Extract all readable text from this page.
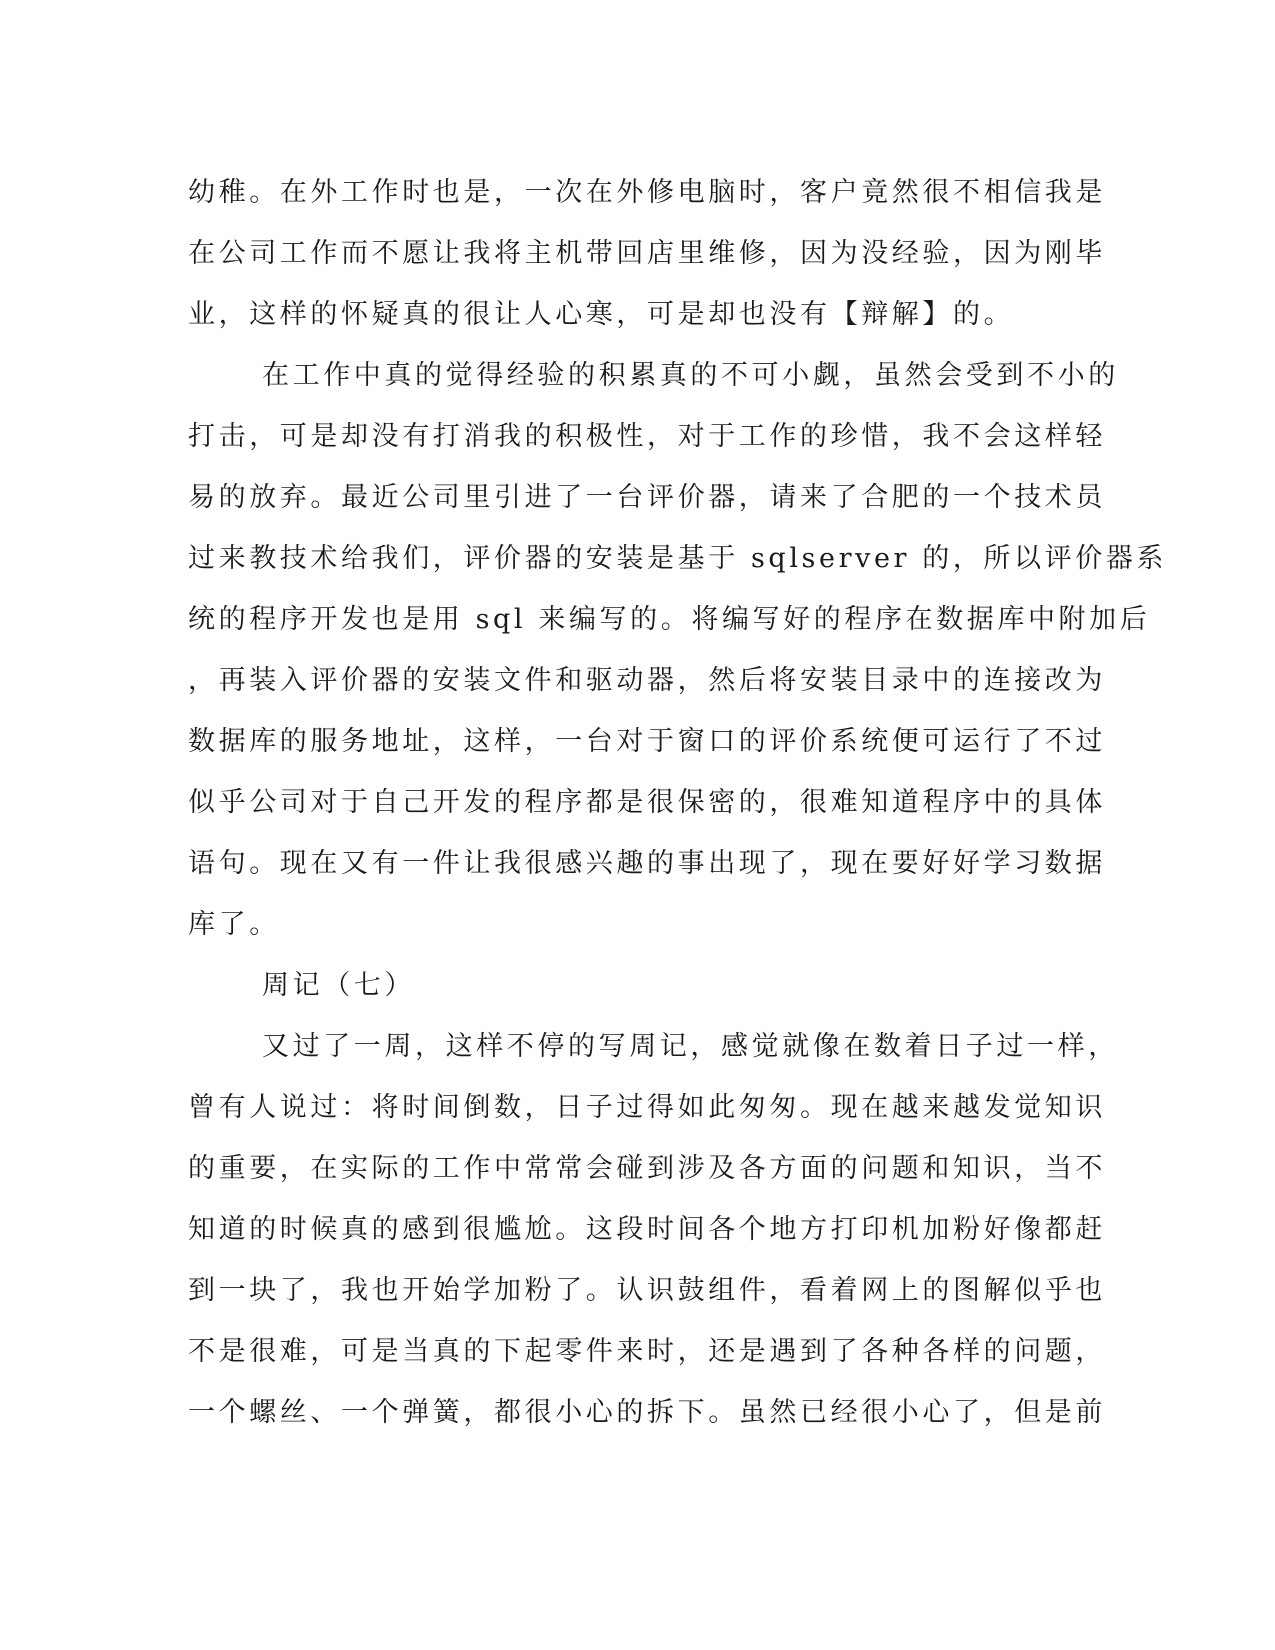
幼稚。在外工作时也是，一次在外修电脑时，客户竟然很不相信我是

在公司工作而不愿让我将主机带回店里维修，因为没经验，因为刚毕

业，这样的怀疑真的很让人心寒，可是却也没有【辩解】的。

在工作中真的觉得经验的积累真的不可小觑，虽然会受到不小的

打击，可是却没有打消我的积极性，对于工作的珍惜，我不会这样轻

易的放弃。最近公司里引进了一台评价器，请来了合肥的一个技术员

过来教技术给我们，评价器的安装是基于 sqlserver 的，所以评价器系

统的程序开发也是用 sql 来编写的。将编写好的程序在数据库中附加后

，再装入评价器的安装文件和驱动器，然后将安装目录中的连接改为

数据库的服务地址，这样，一台对于窗口的评价系统便可运行了不过

似乎公司对于自己开发的程序都是很保密的，很难知道程序中的具体

语句。现在又有一件让我很感兴趣的事出现了，现在要好好学习数据

库了。

周记（七）

又过了一周，这样不停的写周记，感觉就像在数着日子过一样，

曾有人说过：将时间倒数，日子过得如此匆匆。现在越来越发觉知识

的重要，在实际的工作中常常会碰到涉及各方面的问题和知识，当不

知道的时候真的感到很尴尬。这段时间各个地方打印机加粉好像都赶

到一块了，我也开始学加粉了。认识鼓组件，看着网上的图解似乎也

不是很难，可是当真的下起零件来时，还是遇到了各种各样的问题，

一个螺丝、一个弹簧，都很小心的拆下。虽然已经很小心了，但是前
